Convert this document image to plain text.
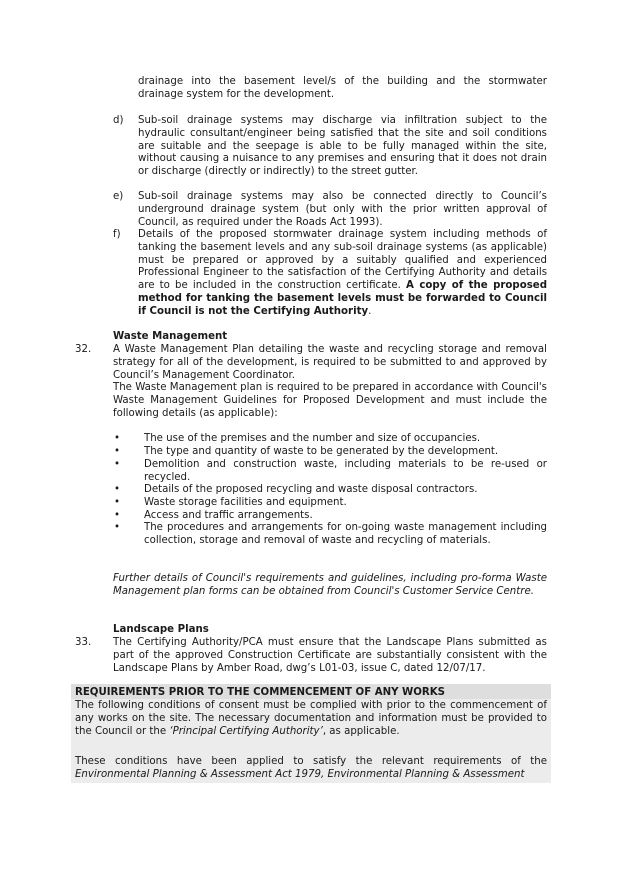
drainage into the basement level/s of the building and the stormwater
drainage system for the development.
d) Sub-soil drainage systems may discharge via infiltration subject to the hydraulic consultant/engineer being satisfied that the site and soil conditions are suitable and the seepage is able to be fully managed within the site, without causing a nuisance to any premises and ensuring that it does not drain or discharge (directly or indirectly) to the street gutter.
e) Sub-soil drainage systems may also be connected directly to Council’s underground drainage system (but only with the prior written approval of Council, as required under the Roads Act 1993).
f) Details of the proposed stormwater drainage system including methods of tanking the basement levels and any sub-soil drainage systems (as applicable) must be prepared or approved by a suitably qualified and experienced Professional Engineer to the satisfaction of the Certifying Authority and details are to be included in the construction certificate. A copy of the proposed method for tanking the basement levels must be forwarded to Council if Council is not the Certifying Authority.
Waste Management
32. A Waste Management Plan detailing the waste and recycling storage and removal strategy for all of the development, is required to be submitted to and approved by Council’s Management Coordinator.
The Waste Management plan is required to be prepared in accordance with Council's Waste Management Guidelines for Proposed Development and must include the following details (as applicable):
• The use of the premises and the number and size of occupancies.
• The type and quantity of waste to be generated by the development.
• Demolition and construction waste, including materials to be re-used or recycled.
• Details of the proposed recycling and waste disposal contractors.
• Waste storage facilities and equipment.
• Access and traffic arrangements.
• The procedures and arrangements for on-going waste management including collection, storage and removal of waste and recycling of materials.
Further details of Council's requirements and guidelines, including pro-forma Waste Management plan forms can be obtained from Council's Customer Service Centre.
Landscape Plans
33. The Certifying Authority/PCA must ensure that the Landscape Plans submitted as part of the approved Construction Certificate are substantially consistent with the Landscape Plans by Amber Road, dwg’s L01-03, issue C, dated 12/07/17.
REQUIREMENTS PRIOR TO THE COMMENCEMENT OF ANY WORKS
The following conditions of consent must be complied with prior to the commencement of any works on the site. The necessary documentation and information must be provided to the Council or the ‘Principal Certifying Authority’, as applicable.
These conditions have been applied to satisfy the relevant requirements of the Environmental Planning & Assessment Act 1979, Environmental Planning & Assessment
